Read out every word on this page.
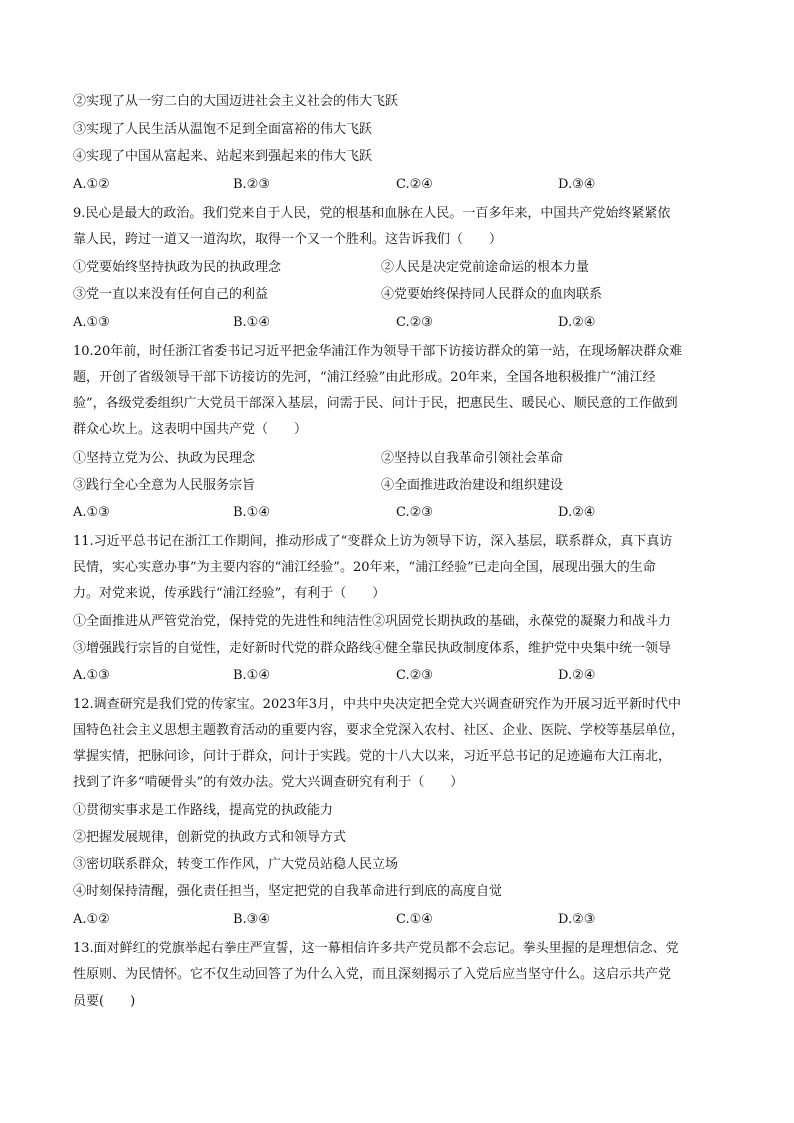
②实现了从一穷二白的大国迈进社会主义社会的伟大飞跃
③实现了人民生活从温饱不足到全面富裕的伟大飞跃
④实现了中国从富起来、站起来到强起来的伟大飞跃
A.①②	B.②③	C.②④	D.③④
9.民心是最大的政治。我们党来自于人民，党的根基和血脉在人民。一百多年来，中国共产党始终紧紧依
靠人民，跨过一道又一道沟坎，取得一个又一个胜利。这告诉我们（　　）
①党要始终坚持执政为民的执政理念	②人民是决定党前途命运的根本力量
③党一直以来没有任何自己的利益	④党要始终保持同人民群众的血肉联系
A.①③	B.①④	C.②③	D.②④
10.20年前，时任浙江省委书记习近平把金华浦江作为领导干部下访接访群众的第一站，在现场解决群众难
题，开创了省级领导干部下访接访的先河，“浦江经验”由此形成。20年来，全国各地积极推广“浦江经
验”，各级党委组织广大党员干部深入基层，问需于民、问计于民，把惠民生、暖民心、顺民意的工作做到
群众心坎上。这表明中国共产党（　　）
①坚持立党为公、执政为民理念	②坚持以自我革命引领社会革命
③践行全心全意为人民服务宗旨	④全面推进政治建设和组织建设
A.①③	B.①④	C.②③	D.②④
11.习近平总书记在浙江工作期间，推动形成了“变群众上访为领导下访，深入基层，联系群众，真下真访
民情，实心实意办事”为主要内容的“浦江经验”。20年来，“浦江经验”已走向全国，展现出强大的生命
力。对党来说，传承践行“浦江经验”，有利于（　　）
①全面推进从严管党治党，保持党的先进性和纯洁性②巩固党长期执政的基础，永葆党的凝聚力和战斗力
③增强践行宗旨的自觉性，走好新时代党的群众路线④健全靠民执政制度体系，维护党中央集中统一领导
A.①③	B.①④	C.②③	D.②④
12.调查研究是我们党的传家宝。2023年3月，中共中央决定把全党大兴调查研究作为开展习近平新时代中
国特色社会主义思想主题教育活动的重要内容，要求全党深入农村、社区、企业、医院、学校等基层单位，
掌握实情，把脉问诊，问计于群众，问计于实践。党的十八大以来，习近平总书记的足迹遍布大江南北，
找到了许多“啃硬骨头”的有效办法。党大兴调查研究有利于（　　）
①贯彻实事求是工作路线，提高党的执政能力
②把握发展规律，创新党的执政方式和领导方式
③密切联系群众，转变工作作风，广大党员站稳人民立场
④时刻保持清醒，强化责任担当，坚定把党的自我革命进行到底的高度自觉
A.①②	B.③④	C.①④	D.②③
13.面对鲜红的党旗举起右拳庄严宣誓，这一幕相信许多共产党员都不会忘记。拳头里握的是理想信念、党
性原则、为民情怀。它不仅生动回答了为什么入党，而且深刻揭示了入党后应当坚守什么。这启示共产党
员要(　　)
